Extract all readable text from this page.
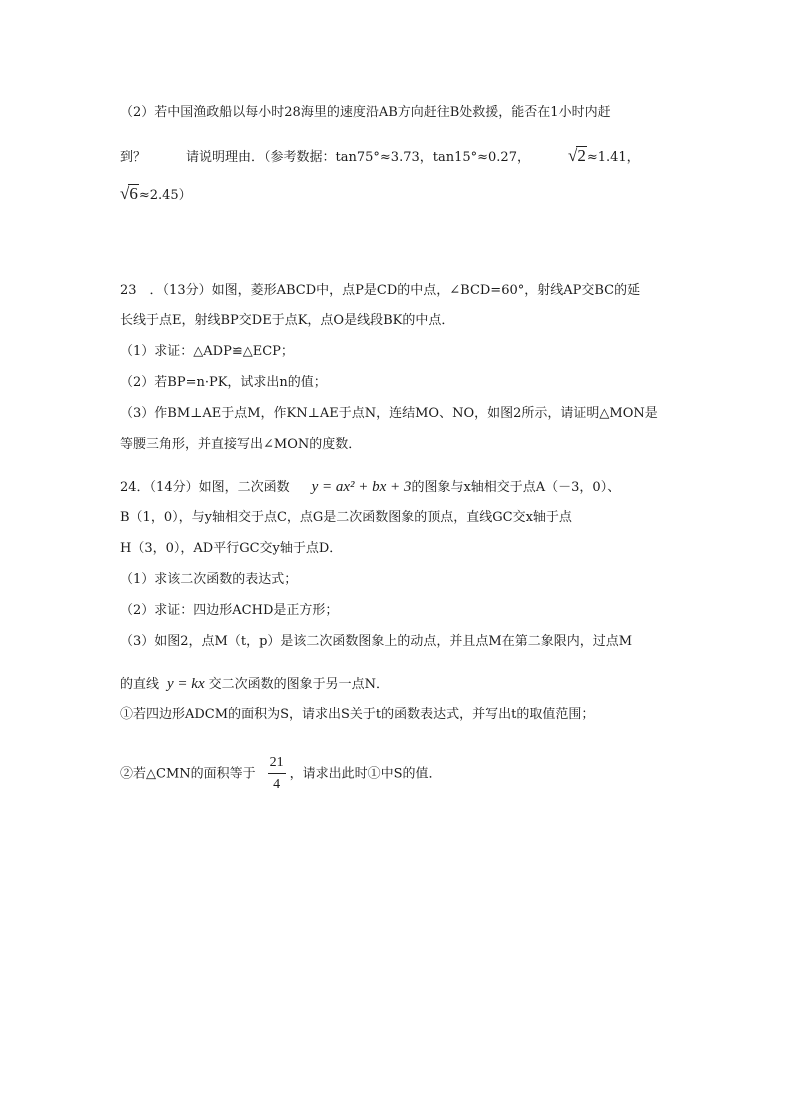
（2）若中国渔政船以每小时28海里的速度沿AB方向赶往B处救援，能否在1小时内赶
到？	请说明理由．（参考数据：tan75°≈3.73，tan15°≈0.27， √2≈1.41，
√6≈2.45）
23　．（13分）如图，菱形ABCD中，点P是CD的中点，∠BCD=60°，射线AP交BC的延
长线于点E，射线BP交DE于点K，点O是线段BK的中点．
（1）求证：△ADP≌△ECP；
（2）若BP=n·PK，试求出n的值；
（3）作BM⊥AE于点M，作KN⊥AE于点N，连结MO、NO，如图2所示，请证明△MON是
等腰三角形，并直接写出∠MON的度数．
24．（14分）如图，二次函数 y = ax² + bx + 3的图象与x轴相交于点A（－3，0）、
B（1，0），与y轴相交于点C，点G是二次函数图象的顶点，直线GC交x轴于点
H（3，0），AD平行GC交y轴于点D．
（1）求该二次函数的表达式；
（2）求证：四边形ACHD是正方形；
（3）如图2，点M（t，p）是该二次函数图象上的动点，并且点M在第二象限内，过点M
的直线 y = kx 交二次函数的图象于另一点N．
①若四边形ADCM的面积为S，请求出S关于t的函数表达式，并写出t的取值范围；
②若△CMN的面积等于 $\frac{21}{4}$ ，请求出此时①中S的值．
